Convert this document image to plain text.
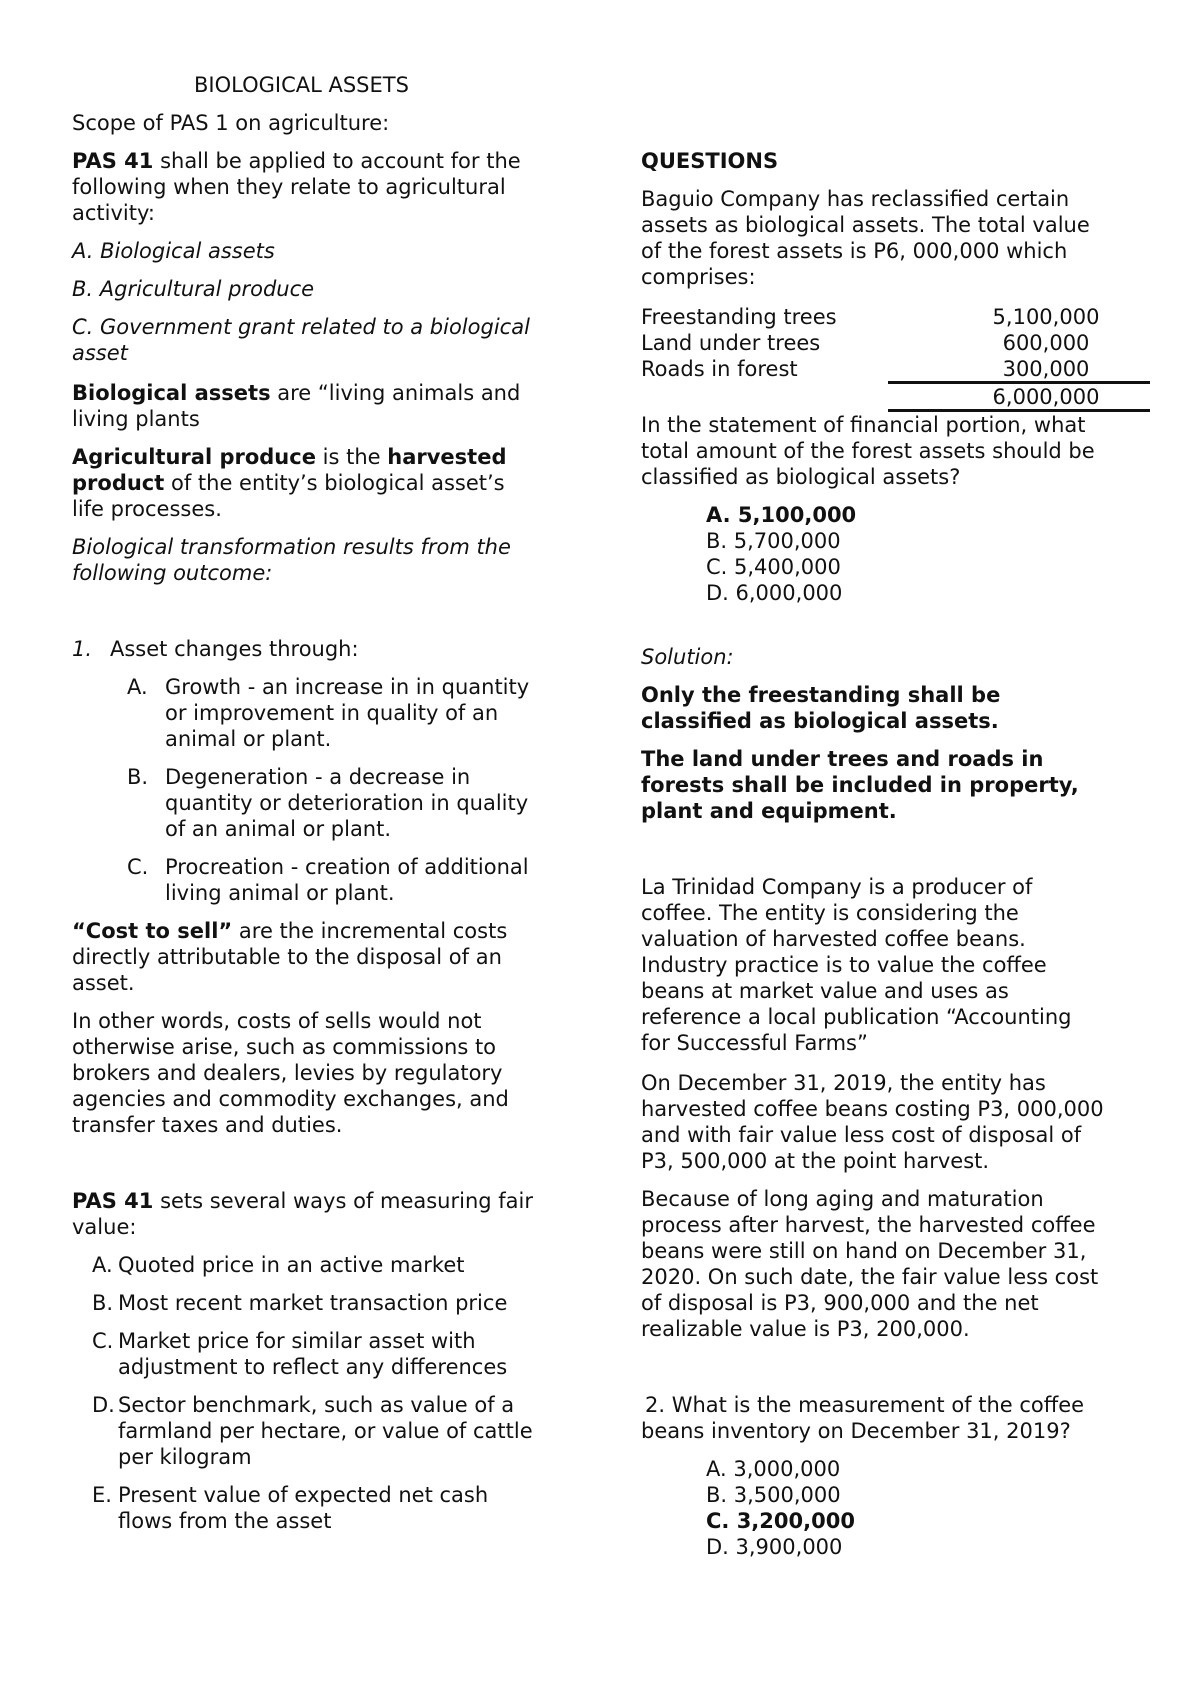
BIOLOGICAL ASSETS

Scope of PAS 1 on agriculture:

PAS 41 shall be applied to account for the

following when they relate to agricultural

activity:

A. Biological assets

B. Agricultural produce

C. Government grant related to a biological

asset

Biological assets are “living animals and

living plants

Agricultural produce is the harvested

product of the entity’s biological asset’s

life processes.

Biological transformation results from the

following outcome:

1. Asset changes through:

A. Growth - an increase in in quantity
or improvement in quality of an
animal or plant.
B. Degeneration - a decrease in
quantity or deterioration in quality
of an animal or plant.
C. Procreation - creation of additional
living animal or plant.

“Cost to sell” are the incremental costs

directly attributable to the disposal of an

asset.

In other words, costs of sells would not

otherwise arise, such as commissions to

brokers and dealers, levies by regulatory

agencies and commodity exchanges, and

transfer taxes and duties.

PAS 41 sets several ways of measuring fair

value:

A. Quoted price in an active market
B. Most recent market transaction price
C. Market price for similar asset with
adjustment to reflect any differences
D. Sector benchmark, such as value of a
farmland per hectare, or value of cattle
per kilogram
E. Present value of expected net cash
flows from the asset

QUESTIONS

Baguio Company has reclassified certain

assets as biological assets. The total value

of the forest assets is P6, 000,000 which

comprises:

Freestanding trees	5,100,000
Land under trees	600,000
Roads in forest	300,000
6,000,000

In the statement of financial portion, what

total amount of the forest assets should be

classified as biological assets?

A. 5,100,000

B. 5,700,000

C. 5,400,000

D. 6,000,000

Solution:

Only the freestanding shall be

classified as biological assets.

The land under trees and roads in

forests shall be included in property,

plant and equipment.

La Trinidad Company is a producer of

coffee. The entity is considering the

valuation of harvested coffee beans.

Industry practice is to value the coffee

beans at market value and uses as

reference a local publication “Accounting

for Successful Farms”

On December 31, 2019, the entity has

harvested coffee beans costing P3, 000,000

and with fair value less cost of disposal of

P3, 500,000 at the point harvest.

Because of long aging and maturation

process after harvest, the harvested coffee

beans were still on hand on December 31,

2020. On such date, the fair value less cost

of disposal is P3, 900,000 and the net

realizable value is P3, 200,000.

2. What is the measurement of the coffee

beans inventory on December 31, 2019?

A. 3,000,000

B. 3,500,000

C. 3,200,000

D. 3,900,000
